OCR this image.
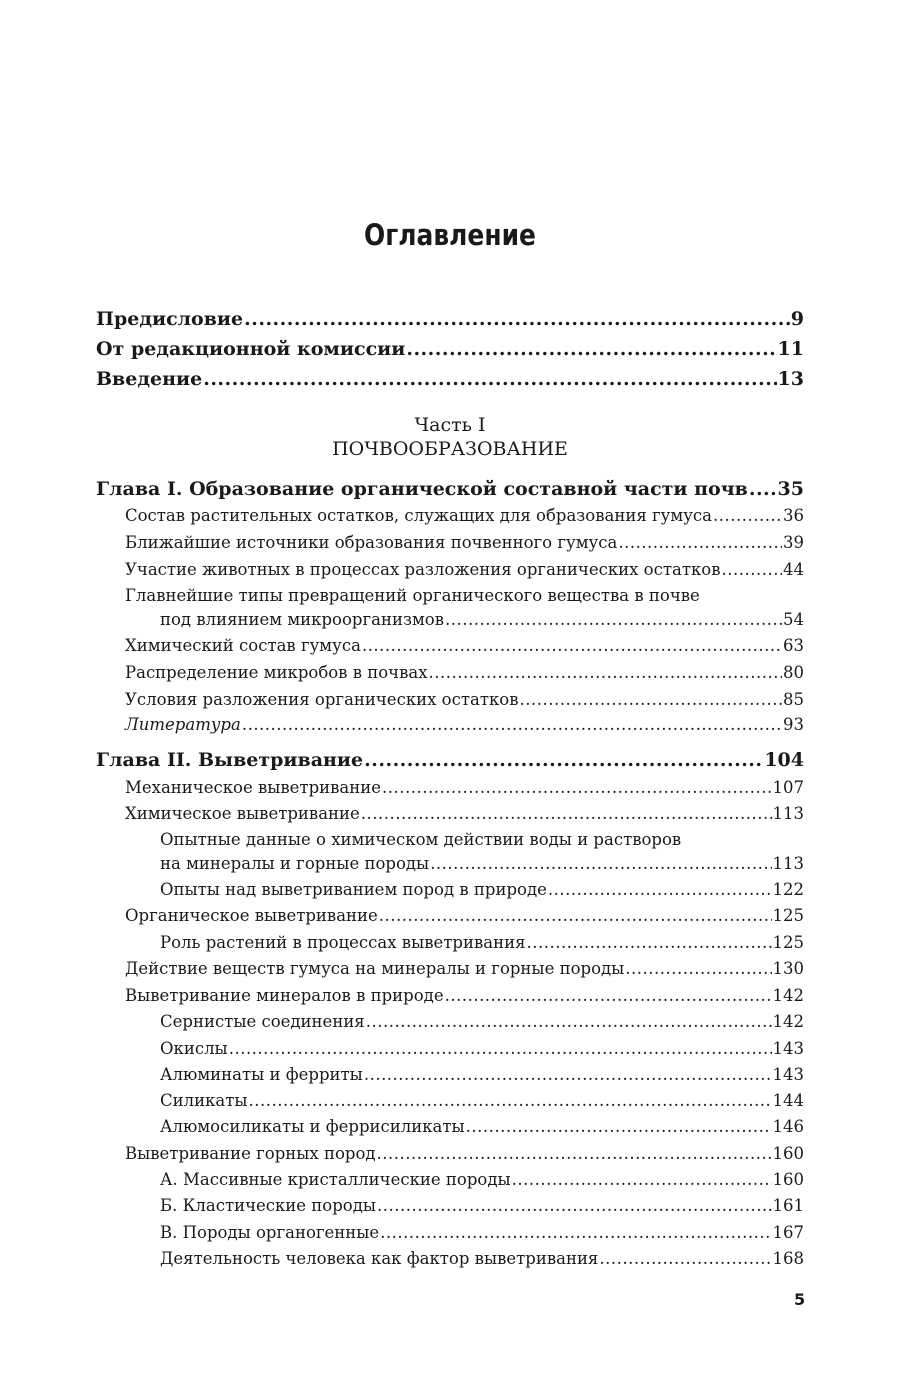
Оглавление
Предисловие .....	9
От редакционной комиссии .....	11
Введение .....	13
Часть I
ПОЧВООБРАЗОВАНИЕ
Глава I. Образование органической составной части почв ..... 35
Состав растительных остатков, служащих для образования гумуса .....	36
Ближайшие источники образования почвенного гумуса .....	39
Участие животных в процессах разложения органических остатков .....	44
Главнейшие типы превращений органического вещества в почве
под влиянием микроорганизмов .....	54
Химический состав гумуса .....	63
Распределение микробов в почвах .....	80
Условия разложения органических остатков .....	85
Литература .....	93
Глава II. Выветривание .....	104
Механическое выветривание .....	107
Химическое выветривание .....	113
Опытные данные о химическом действии воды и растворов
на минералы и горные породы .....	113
Опыты над выветриванием пород в природе .....	122
Органическое выветривание .....	125
Роль растений в процессах выветривания .....	125
Действие веществ гумуса на минералы и горные породы .....	130
Выветривание минералов в природе .....	142
Сернистые соединения .....	142
Окислы .....	143
Алюминаты и ферриты .....	143
Силикаты .....	144
Алюмосиликаты и феррисиликаты .....	146
Выветривание горных пород .....	160
А. Массивные кристаллические породы .....	160
Б. Кластические породы .....	161
В. Породы органогенные .....	167
Деятельность человека как фактор выветривания .....	168
5
